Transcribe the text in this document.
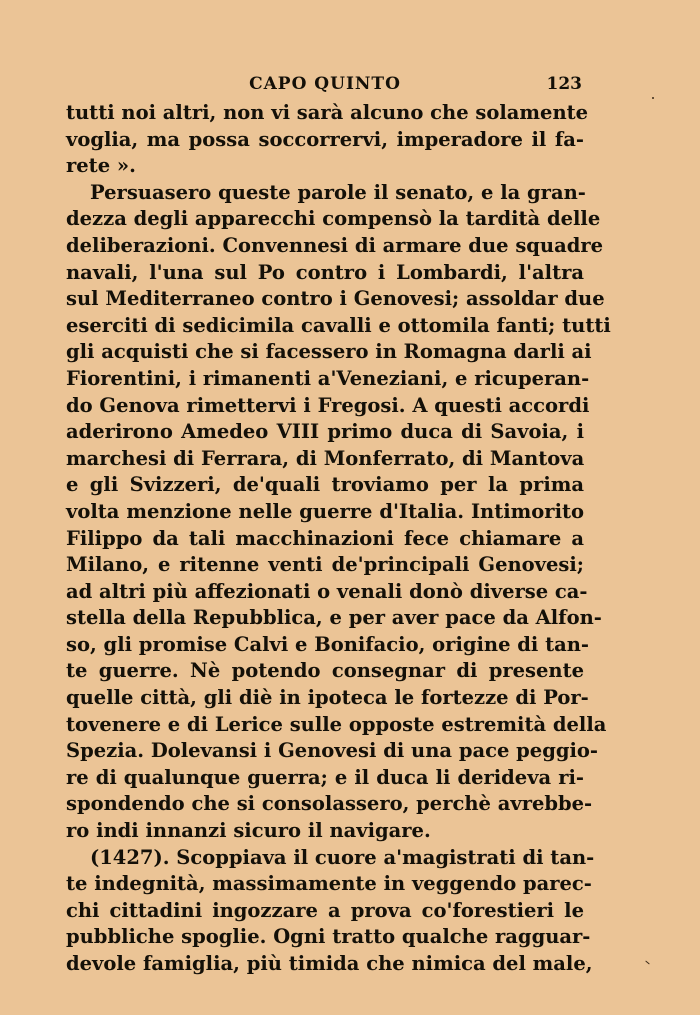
CAPO QUINTO	123
tutti noi altri, non vi sarà alcuno che solamente
voglia, ma possa soccorrervi, imperadore il fa-
rete ».
Persuasero queste parole il senato, e la gran-
dezza degli apparecchi compensò la tardità delle
deliberazioni. Convennesi di armare due squadre
navali, l'una sul Po contro i Lombardi, l'altra
sul Mediterraneo contro i Genovesi; assoldar due
eserciti di sedicimila cavalli e ottomila fanti; tutti
gli acquisti che si facessero in Romagna darli ai
Fiorentini, i rimanenti a'Veneziani, e ricuperan-
do Genova rimettervi i Fregosi. A questi accordi
aderirono Amedeo VIII primo duca di Savoia, i
marchesi di Ferrara, di Monferrato, di Mantova
e gli Svizzeri, de'quali troviamo per la prima
volta menzione nelle guerre d'Italia. Intimorito
Filippo da tali macchinazioni fece chiamare a
Milano, e ritenne venti de'principali Genovesi;
ad altri più affezionati o venali donò diverse ca-
stella della Repubblica, e per aver pace da Alfon-
so, gli promise Calvi e Bonifacio, origine di tan-
te guerre. Nè potendo consegnar di presente
quelle città, gli diè in ipoteca le fortezze di Por-
tovenere e di Lerice sulle opposte estremità della
Spezia. Dolevansi i Genovesi di una pace peggio-
re di qualunque guerra; e il duca li derideva ri-
spondendo che si consolassero, perchè avrebbe-
ro indi innanzi sicuro il navigare.
(1427). Scoppiava il cuore a'magistrati di tan-
te indegnità, massimamente in veggendo parec-
chi cittadini ingozzare a prova co'forestieri le
pubbliche spoglie. Ogni tratto qualche ragguar-
devole famiglia, più timida che nimica del male,
